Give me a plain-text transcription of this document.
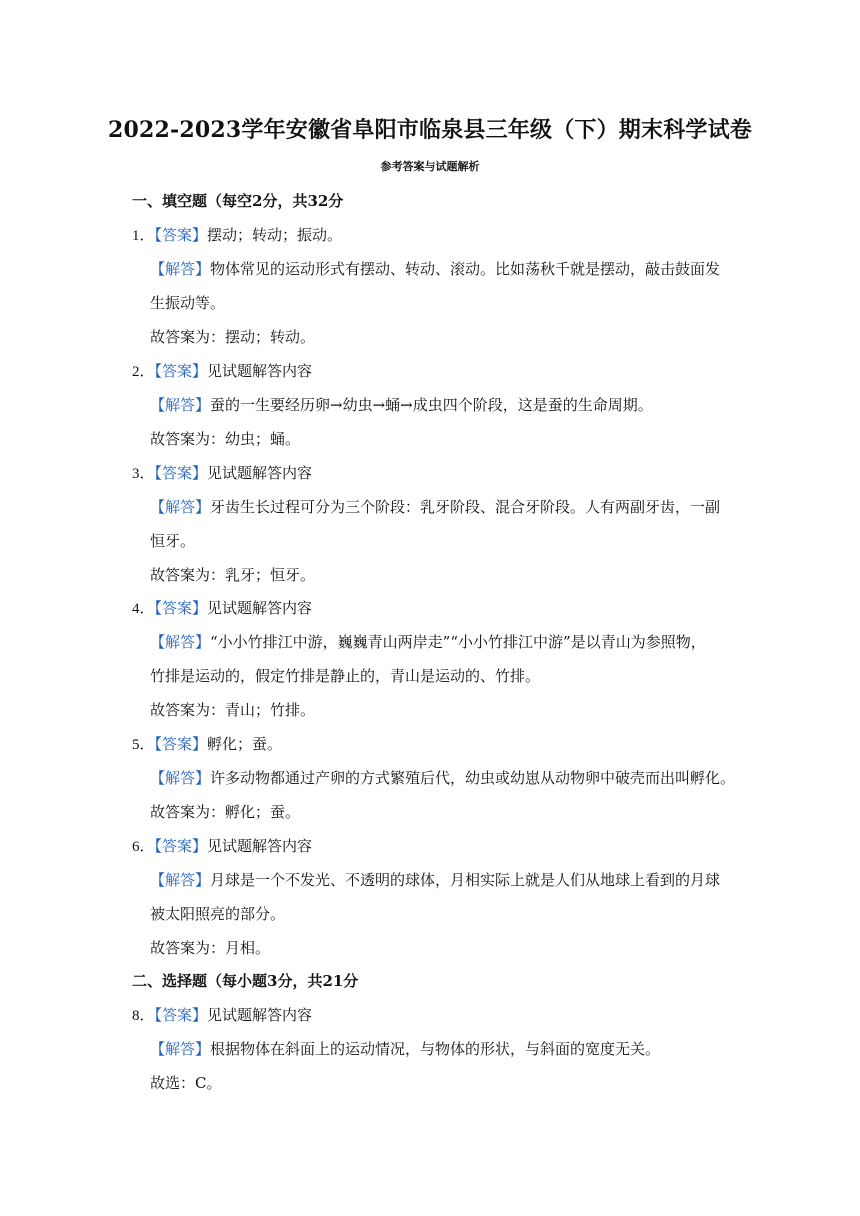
2022-2023学年安徽省阜阳市临泉县三年级（下）期末科学试卷
参考答案与试题解析
一、填空题（每空2分，共32分
1．【答案】摆动；转动；振动。
【解答】物体常见的运动形式有摆动、转动、滚动。比如荡秋千就是摆动，敲击鼓面发
生振动等。
故答案为：摆动；转动。
2．【答案】见试题解答内容
【解答】蚕的一生要经历卵→幼虫→蛹→成虫四个阶段，这是蚕的生命周期。
故答案为：幼虫；蛹。
3．【答案】见试题解答内容
【解答】牙齿生长过程可分为三个阶段：乳牙阶段、混合牙阶段。人有两副牙齿，一副
恒牙。
故答案为：乳牙；恒牙。
4．【答案】见试题解答内容
【解答】“小小竹排江中游，巍巍青山两岸走”“小小竹排江中游”是以青山为参照物，
竹排是运动的，假定竹排是静止的，青山是运动的、竹排。
故答案为：青山；竹排。
5．【答案】孵化；蚕。
【解答】许多动物都通过产卵的方式繁殖后代，幼虫或幼崽从动物卵中破壳而出叫孵化。
故答案为：孵化；蚕。
6．【答案】见试题解答内容
【解答】月球是一个不发光、不透明的球体，月相实际上就是人们从地球上看到的月球
被太阳照亮的部分。
故答案为：月相。
二、选择题（每小题3分，共21分
8．【答案】见试题解答内容
【解答】根据物体在斜面上的运动情况，与物体的形状，与斜面的宽度无关。
故选：C。
